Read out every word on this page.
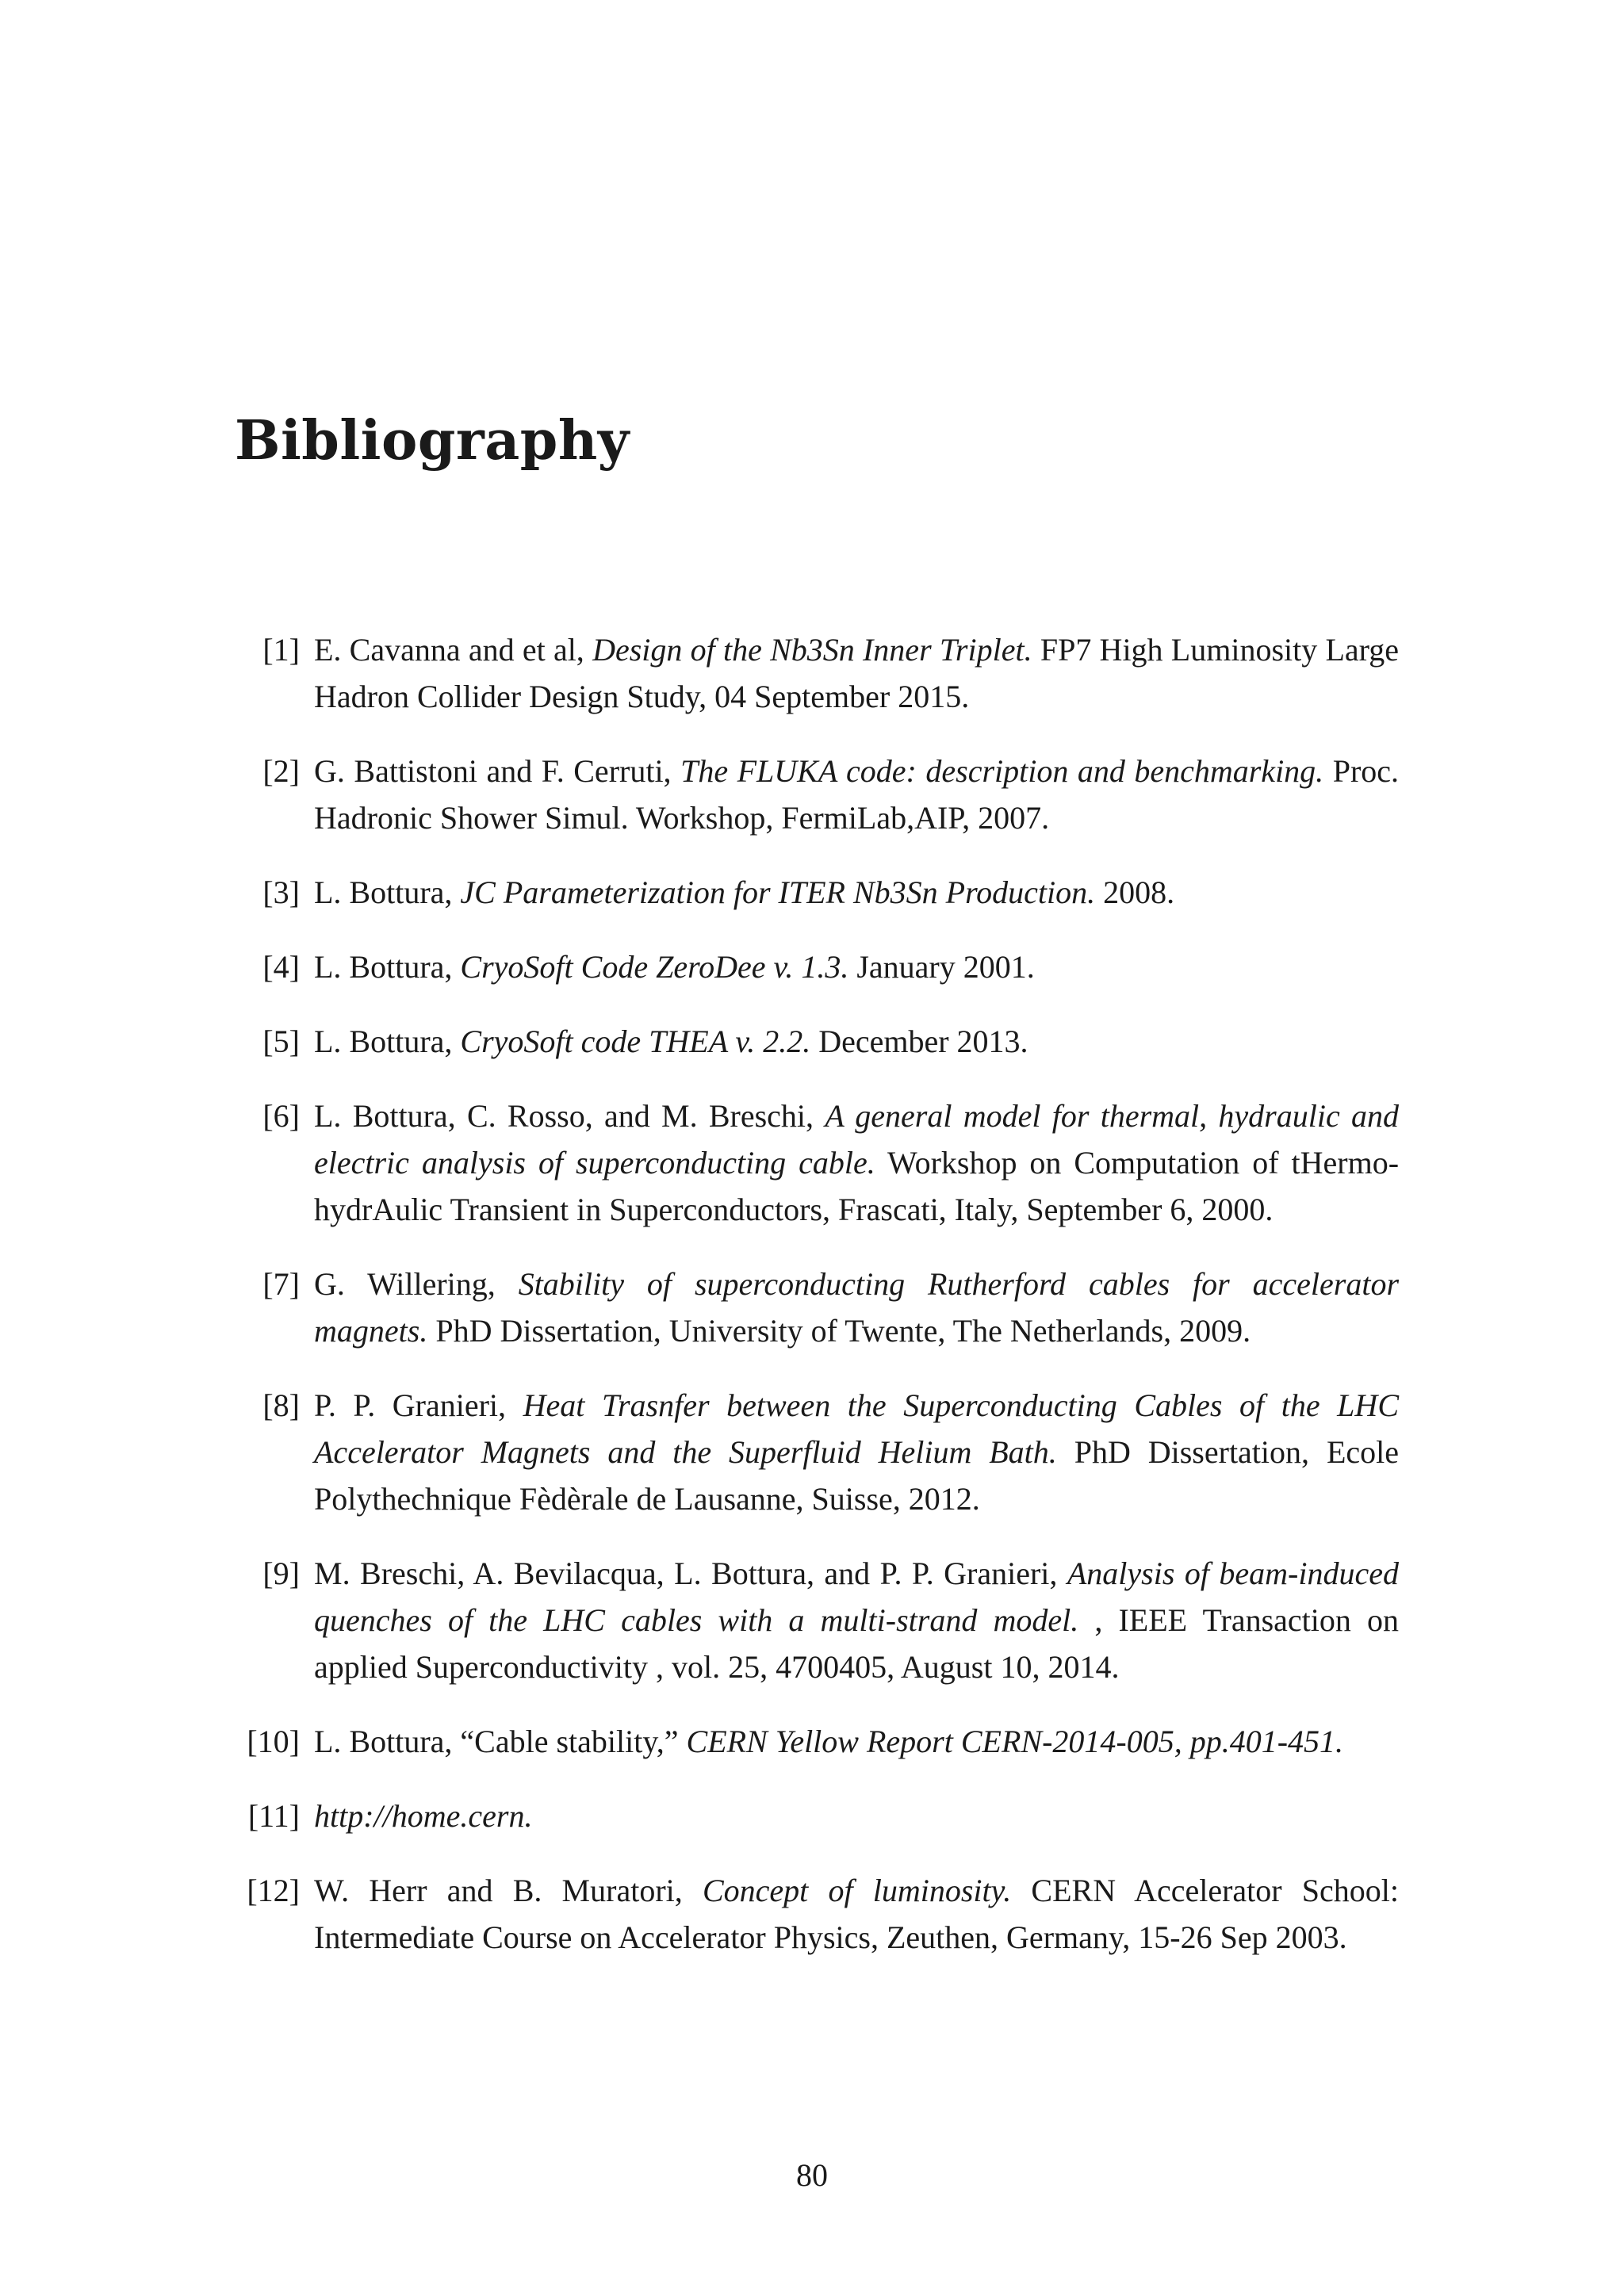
Bibliography
[1] E. Cavanna and et al, Design of the Nb3Sn Inner Triplet. FP7 High Luminosity Large Hadron Collider Design Study, 04 September 2015.
[2] G. Battistoni and F. Cerruti, The FLUKA code: description and benchmarking. Proc. Hadronic Shower Simul. Workshop, FermiLab,AIP, 2007.
[3] L. Bottura, JC Parameterization for ITER Nb3Sn Production. 2008.
[4] L. Bottura, CryoSoft Code ZeroDee v. 1.3. January 2001.
[5] L. Bottura, CryoSoft code THEA v. 2.2. December 2013.
[6] L. Bottura, C. Rosso, and M. Breschi, A general model for thermal, hydraulic and electric analysis of superconducting cable. Workshop on Computation of tHermo-hydrAulic Transient in Superconductors, Frascati, Italy, September 6, 2000.
[7] G. Willering, Stability of superconducting Rutherford cables for accelerator magnets. PhD Dissertation, University of Twente, The Netherlands, 2009.
[8] P. P. Granieri, Heat Trasnfer between the Superconducting Cables of the LHC Accelerator Magnets and the Superfluid Helium Bath. PhD Dissertation, Ecole Polythechnique Fèdèrale de Lausanne, Suisse, 2012.
[9] M. Breschi, A. Bevilacqua, L. Bottura, and P. P. Granieri, Analysis of beam-induced quenches of the LHC cables with a multi-strand model. , IEEE Transaction on applied Superconductivity , vol. 25, 4700405, August 10, 2014.
[10] L. Bottura, “Cable stability,” CERN Yellow Report CERN-2014-005, pp.401-451.
[11] http://home.cern.
[12] W. Herr and B. Muratori, Concept of luminosity. CERN Accelerator School: Intermediate Course on Accelerator Physics, Zeuthen, Germany, 15-26 Sep 2003.
80
